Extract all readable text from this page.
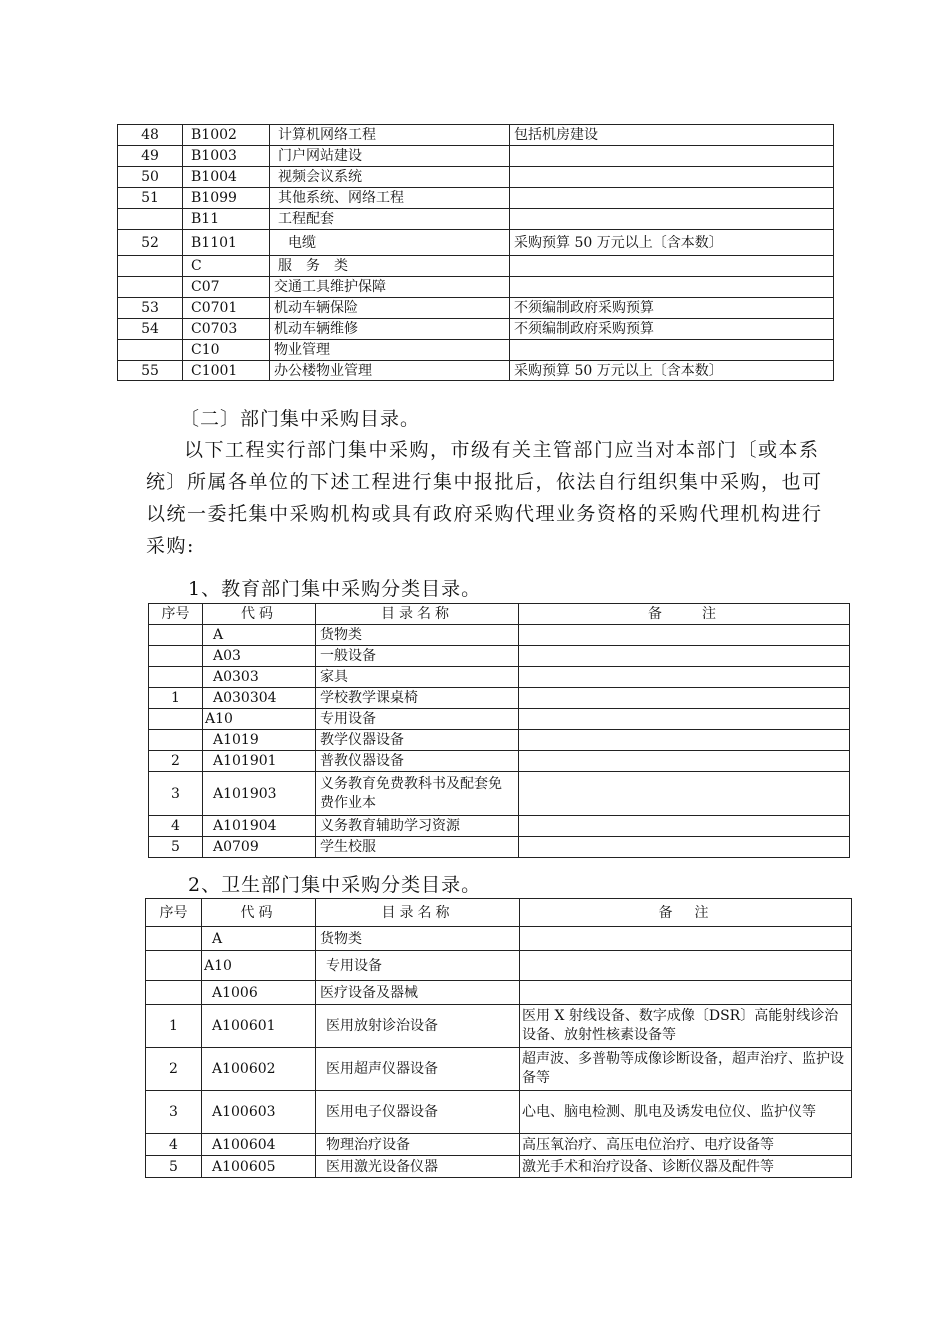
48	B1002	计算机网络工程	包括机房建设
49	B1003	门户网站建设	
50	B1004	视频会议系统	
51	B1099	其他系统、网络工程	
	B11	工程配套	
52	B1101	电缆	采购预算 50 万元以上〔含本数〕
	C	服　务　类	
	C07	交通工具维护保障	
53	C0701	机动车辆保险	不须编制政府采购预算
54	C0703	机动车辆维修	不须编制政府采购预算
	C10	物业管理	
55	C1001	办公楼物业管理	采购预算 50 万元以上〔含本数〕

〔二〕部门集中采购目录。

以下工程实行部门集中采购，市级有关主管部门应当对本部门〔或本系统〕所属各单位的下述工程进行集中报批后，依法自行组织集中采购，也可以统一委托集中采购机构或具有政府采购代理业务资格的采购代理机构进行采购:

1、教育部门集中采购分类目录。

序号	代码	目录名称	备　　注
	A	货物类	
	A03	一般设备	
	A0303	家具	
1	A030304	学校教学课桌椅	
	A10	专用设备	
	A1019	教学仪器设备	
2	A101901	普教仪器设备	
3	A101903	义务教育免费教科书及配套免费作业本	
4	A101904	义务教育辅助学习资源	
5	A0709	学生校服	

2、卫生部门集中采购分类目录。

序号	代码	目录名称	备　注
	A	货物类	
	A10	专用设备	
	A1006	医疗设备及器械	
1	A100601	医用放射诊治设备	医用 X 射线设备、数字成像〔DSR〕高能射线诊治设备、放射性核素设备等
2	A100602	医用超声仪器设备	超声波、多普勒等成像诊断设备，超声治疗、监护设备等
3	A100603	医用电子仪器设备	心电、脑电检测、肌电及诱发电位仪、监护仪等
4	A100604	物理治疗设备	高压氧治疗、高压电位治疗、电疗设备等
5	A100605	医用激光设备仪器	激光手术和治疗设备、诊断仪器及配件等
